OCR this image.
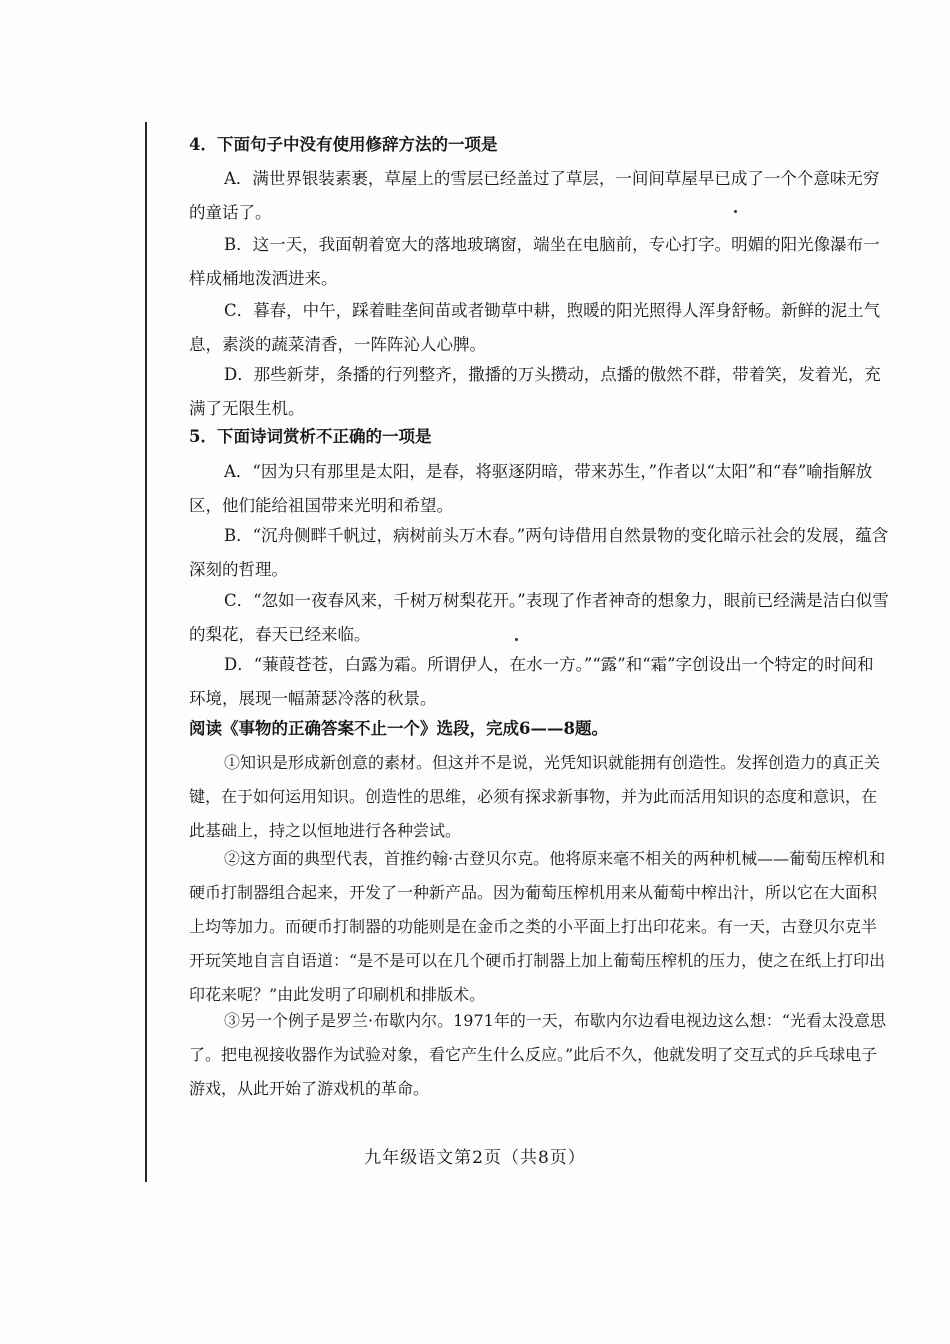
4．下面句子中没有使用修辞方法的一项是
A．满世界银装素裹，草屋上的雪层已经盖过了草层，一间间草屋早已成了一个个意味无穷的童话了。
B．这一天，我面朝着宽大的落地玻璃窗，端坐在电脑前，专心打字。明媚的阳光像瀑布一样成桶地泼洒进来。
C．暮春，中午，踩着畦垄间苗或者锄草中耕，煦暖的阳光照得人浑身舒畅。新鲜的泥土气息，素淡的蔬菜清香，一阵阵沁人心脾。
D．那些新芽，条播的行列整齐，撒播的万头攒动，点播的傲然不群，带着笑，发着光，充满了无限生机。
5．下面诗词赏析不正确的一项是
A．“因为只有那里是太阳，是春，将驱逐阴暗，带来苏生，”作者以“太阳”和“春”喻指解放区，他们能给祖国带来光明和希望。
B．“沉舟侧畔千帆过，病树前头万木春。”两句诗借用自然景物的变化暗示社会的发展，蕴含深刻的哲理。
C．“忽如一夜春风来，千树万树梨花开。”表现了作者神奇的想象力，眼前已经满是洁白似雪的梨花，春天已经来临。
D．“蒹葭苍苍，白露为霜。所谓伊人，在水一方。”“露”和“霜”字创设出一个特定的时间和环境，展现一幅萧瑟冷落的秋景。
阅读《事物的正确答案不止一个》选段，完成6——8题。
①知识是形成新创意的素材。但这并不是说，光凭知识就能拥有创造性。发挥创造力的真正关键，在于如何运用知识。创造性的思维，必须有探求新事物，并为此而活用知识的态度和意识，在此基础上，持之以恒地进行各种尝试。
②这方面的典型代表，首推约翰·古登贝尔克。他将原来毫不相关的两种机械——葡萄压榨机和硬币打制器组合起来，开发了一种新产品。因为葡萄压榨机用来从葡萄中榨出汁，所以它在大面积上均等加力。而硬币打制器的功能则是在金币之类的小平面上打出印花来。有一天，古登贝尔克半开玩笑地自言自语道：“是不是可以在几个硬币打制器上加上葡萄压榨机的压力，使之在纸上打印出印花来呢？”由此发明了印刷机和排版术。
③另一个例子是罗兰·布歇内尔。1971年的一天，布歇内尔边看电视边这么想：“光看太没意思了。把电视接收器作为试验对象，看它产生什么反应。”此后不久，他就发明了交互式的乒乓球电子游戏，从此开始了游戏机的革命。
九年级语文第2页（共8页）
